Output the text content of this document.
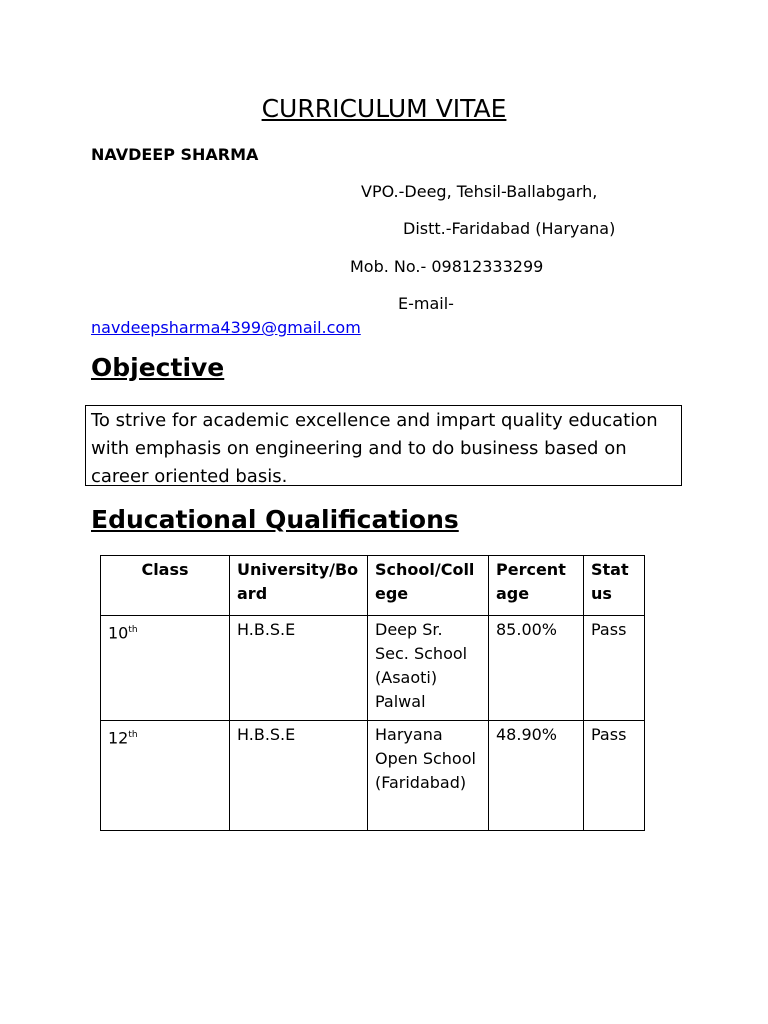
CURRICULUM VITAE
NAVDEEP SHARMA
VPO.-Deeg, Tehsil-Ballabgarh,
Distt.-Faridabad (Haryana)
Mob. No.- 09812333299
E-mail-
navdeepsharma4399@gmail.com
Objective
To strive for academic excellence and impart quality education with emphasis on engineering and to do business based on career oriented basis.
Educational Qualifications
Class	University/Board	School/College	Percentage	Status
10th	H.B.S.E	Deep Sr. Sec. School (Asaoti) Palwal	85.00%	Pass
12th	H.B.S.E	Haryana Open School (Faridabad)	48.90%	Pass
